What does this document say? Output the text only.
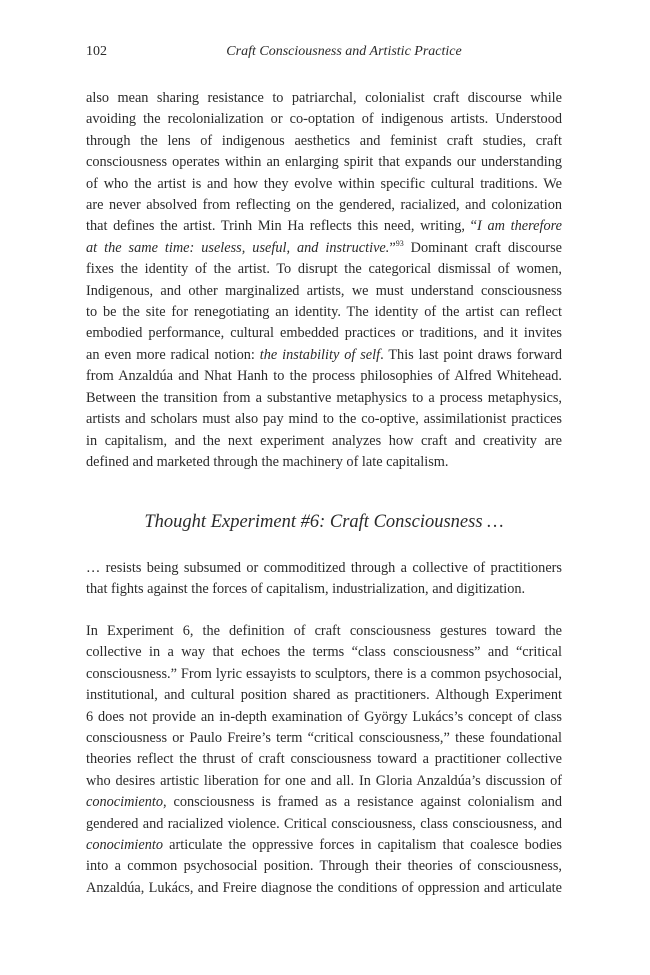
102	Craft Consciousness and Artistic Practice
also mean sharing resistance to patriarchal, colonialist craft discourse while
avoiding the recolonialization or co-optation of indigenous artists. Understood
through the lens of indigenous aesthetics and feminist craft studies, craft
consciousness operates within an enlarging spirit that expands our understanding
of who the artist is and how they evolve within specific cultural traditions. We
are never absolved from reflecting on the gendered, racialized, and colonization
that defines the artist. Trinh Min Ha reflects this need, writing, “I am therefore
at the same time: useless, useful, and instructive.”$^{93}$ Dominant craft discourse
fixes the identity of the artist. To disrupt the categorical dismissal of women,
Indigenous, and other marginalized artists, we must understand consciousness
to be the site for renegotiating an identity. The identity of the artist can reflect
embodied performance, cultural embedded practices or traditions, and it invites
an even more radical notion: the instability of self. This last point draws forward
from Anzaldúa and Nhat Hanh to the process philosophies of Alfred Whitehead.
Between the transition from a substantive metaphysics to a process metaphysics,
artists and scholars must also pay mind to the co-optive, assimilationist practices
in capitalism, and the next experiment analyzes how craft and creativity are
defined and marketed through the machinery of late capitalism.
Thought Experiment #6: Craft Consciousness …
… resists being subsumed or commoditized through a collective of practitioners
that fights against the forces of capitalism, industrialization, and digitization.
In Experiment 6, the definition of craft consciousness gestures toward the
collective in a way that echoes the terms “class consciousness” and “critical
consciousness.” From lyric essayists to sculptors, there is a common psychosocial,
institutional, and cultural position shared as practitioners. Although Experiment
6 does not provide an in-depth examination of György Lukács’s concept of class
consciousness or Paulo Freire’s term “critical consciousness,” these foundational
theories reflect the thrust of craft consciousness toward a practitioner collective
who desires artistic liberation for one and all. In Gloria Anzaldúa’s discussion of
conocimiento, consciousness is framed as a resistance against colonialism and
gendered and racialized violence. Critical consciousness, class consciousness, and
conocimiento articulate the oppressive forces in capitalism that coalesce bodies
into a common psychosocial position. Through their theories of consciousness,
Anzaldúa, Lukács, and Freire diagnose the conditions of oppression and articulate
